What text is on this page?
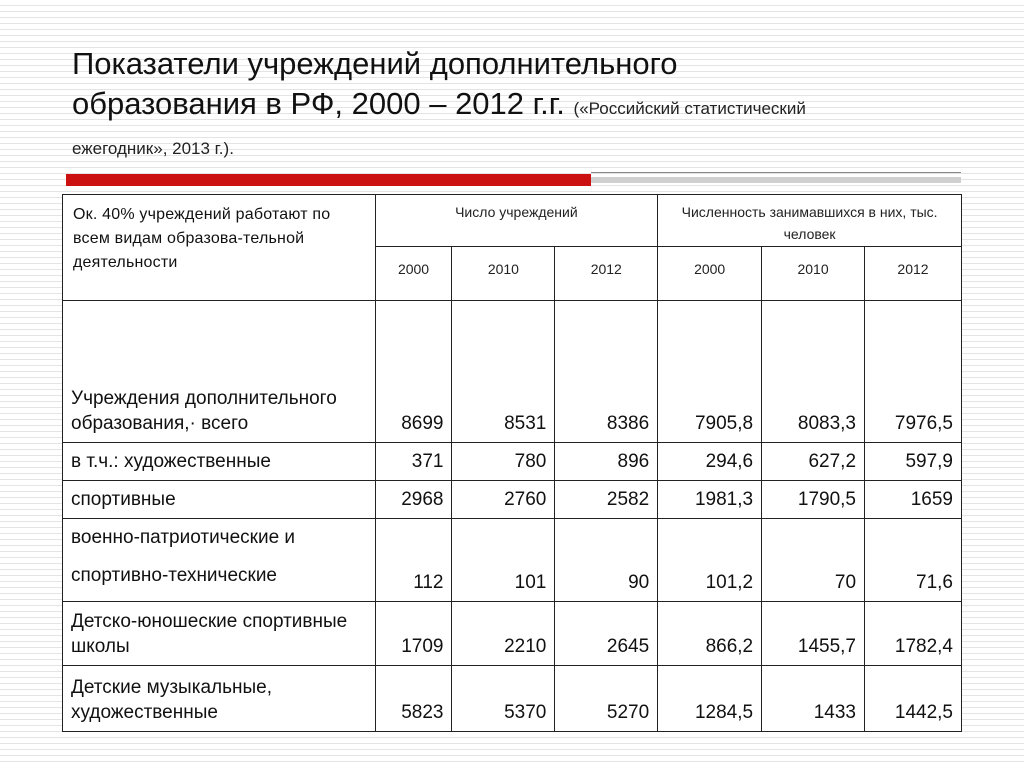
Показатели учреждений дополнительного
образования в РФ, 2000 – 2012 г.г. («Российский статистический
ежегодник», 2013 г.).
Ок. 40% учреждений работают по всем видам образова-тельной деятельности	Число учреждений			Численность занимавшихся в них, тыс. человек		
	2000	2010	2012	2000	2010	2012
Учреждения дополнительного образования,· всего	8699	8531	8386	7905,8	8083,3	7976,5
в т.ч.: художественные	371	780	896	294,6	627,2	597,9
спортивные	2968	2760	2582	1981,3	1790,5	1659
военно-патриотические и спортивно-технические	112	101	90	101,2	70	71,6
Детско-юношеские спортивные школы	1709	2210	2645	866,2	1455,7	1782,4
Детские музыкальные, художественные	5823	5370	5270	1284,5	1433	1442,5
